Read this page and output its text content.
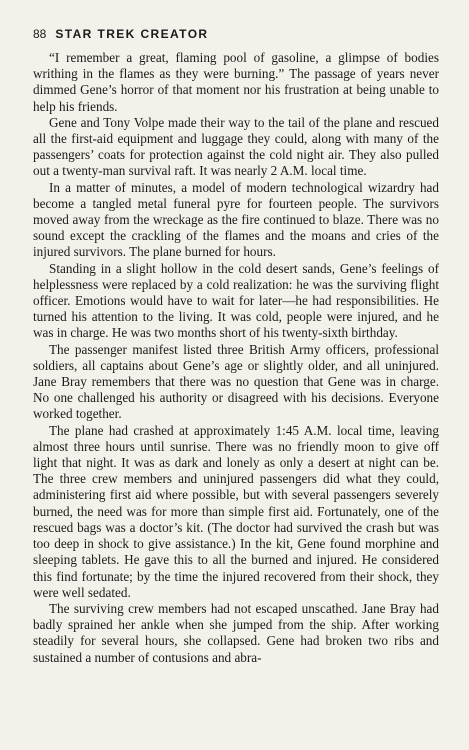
88 STAR TREK CREATOR

“I remember a great, flaming pool of gasoline, a glimpse of bodies writhing in the flames as they were burning.” The passage of years never dimmed Gene’s horror of that moment nor his frustration at being unable to help his friends.

Gene and Tony Volpe made their way to the tail of the plane and rescued all the first-aid equipment and luggage they could, along with many of the passengers’ coats for protection against the cold night air. They also pulled out a twenty-man survival raft. It was nearly 2 A.M. local time.

In a matter of minutes, a model of modern technological wizardry had become a tangled metal funeral pyre for fourteen people. The survivors moved away from the wreckage as the fire continued to blaze. There was no sound except the crackling of the flames and the moans and cries of the injured survivors. The plane burned for hours.

Standing in a slight hollow in the cold desert sands, Gene’s feelings of helplessness were replaced by a cold realization: he was the surviving flight officer. Emotions would have to wait for later—he had responsibilities. He turned his attention to the living. It was cold, people were injured, and he was in charge. He was two months short of his twenty-sixth birthday.

The passenger manifest listed three British Army officers, professional soldiers, all captains about Gene’s age or slightly older, and all uninjured. Jane Bray remembers that there was no question that Gene was in charge. No one challenged his authority or disagreed with his decisions. Everyone worked together.

The plane had crashed at approximately 1:45 A.M. local time, leaving almost three hours until sunrise. There was no friendly moon to give off light that night. It was as dark and lonely as only a desert at night can be. The three crew members and uninjured passengers did what they could, administering first aid where possible, but with several passengers severely burned, the need was for more than simple first aid. Fortunately, one of the rescued bags was a doctor’s kit. (The doctor had survived the crash but was too deep in shock to give assistance.) In the kit, Gene found morphine and sleeping tablets. He gave this to all the burned and injured. He considered this find fortunate; by the time the injured recovered from their shock, they were well sedated.

The surviving crew members had not escaped unscathed. Jane Bray had badly sprained her ankle when she jumped from the ship. After working steadily for several hours, she collapsed. Gene had broken two ribs and sustained a number of contusions and abra-
